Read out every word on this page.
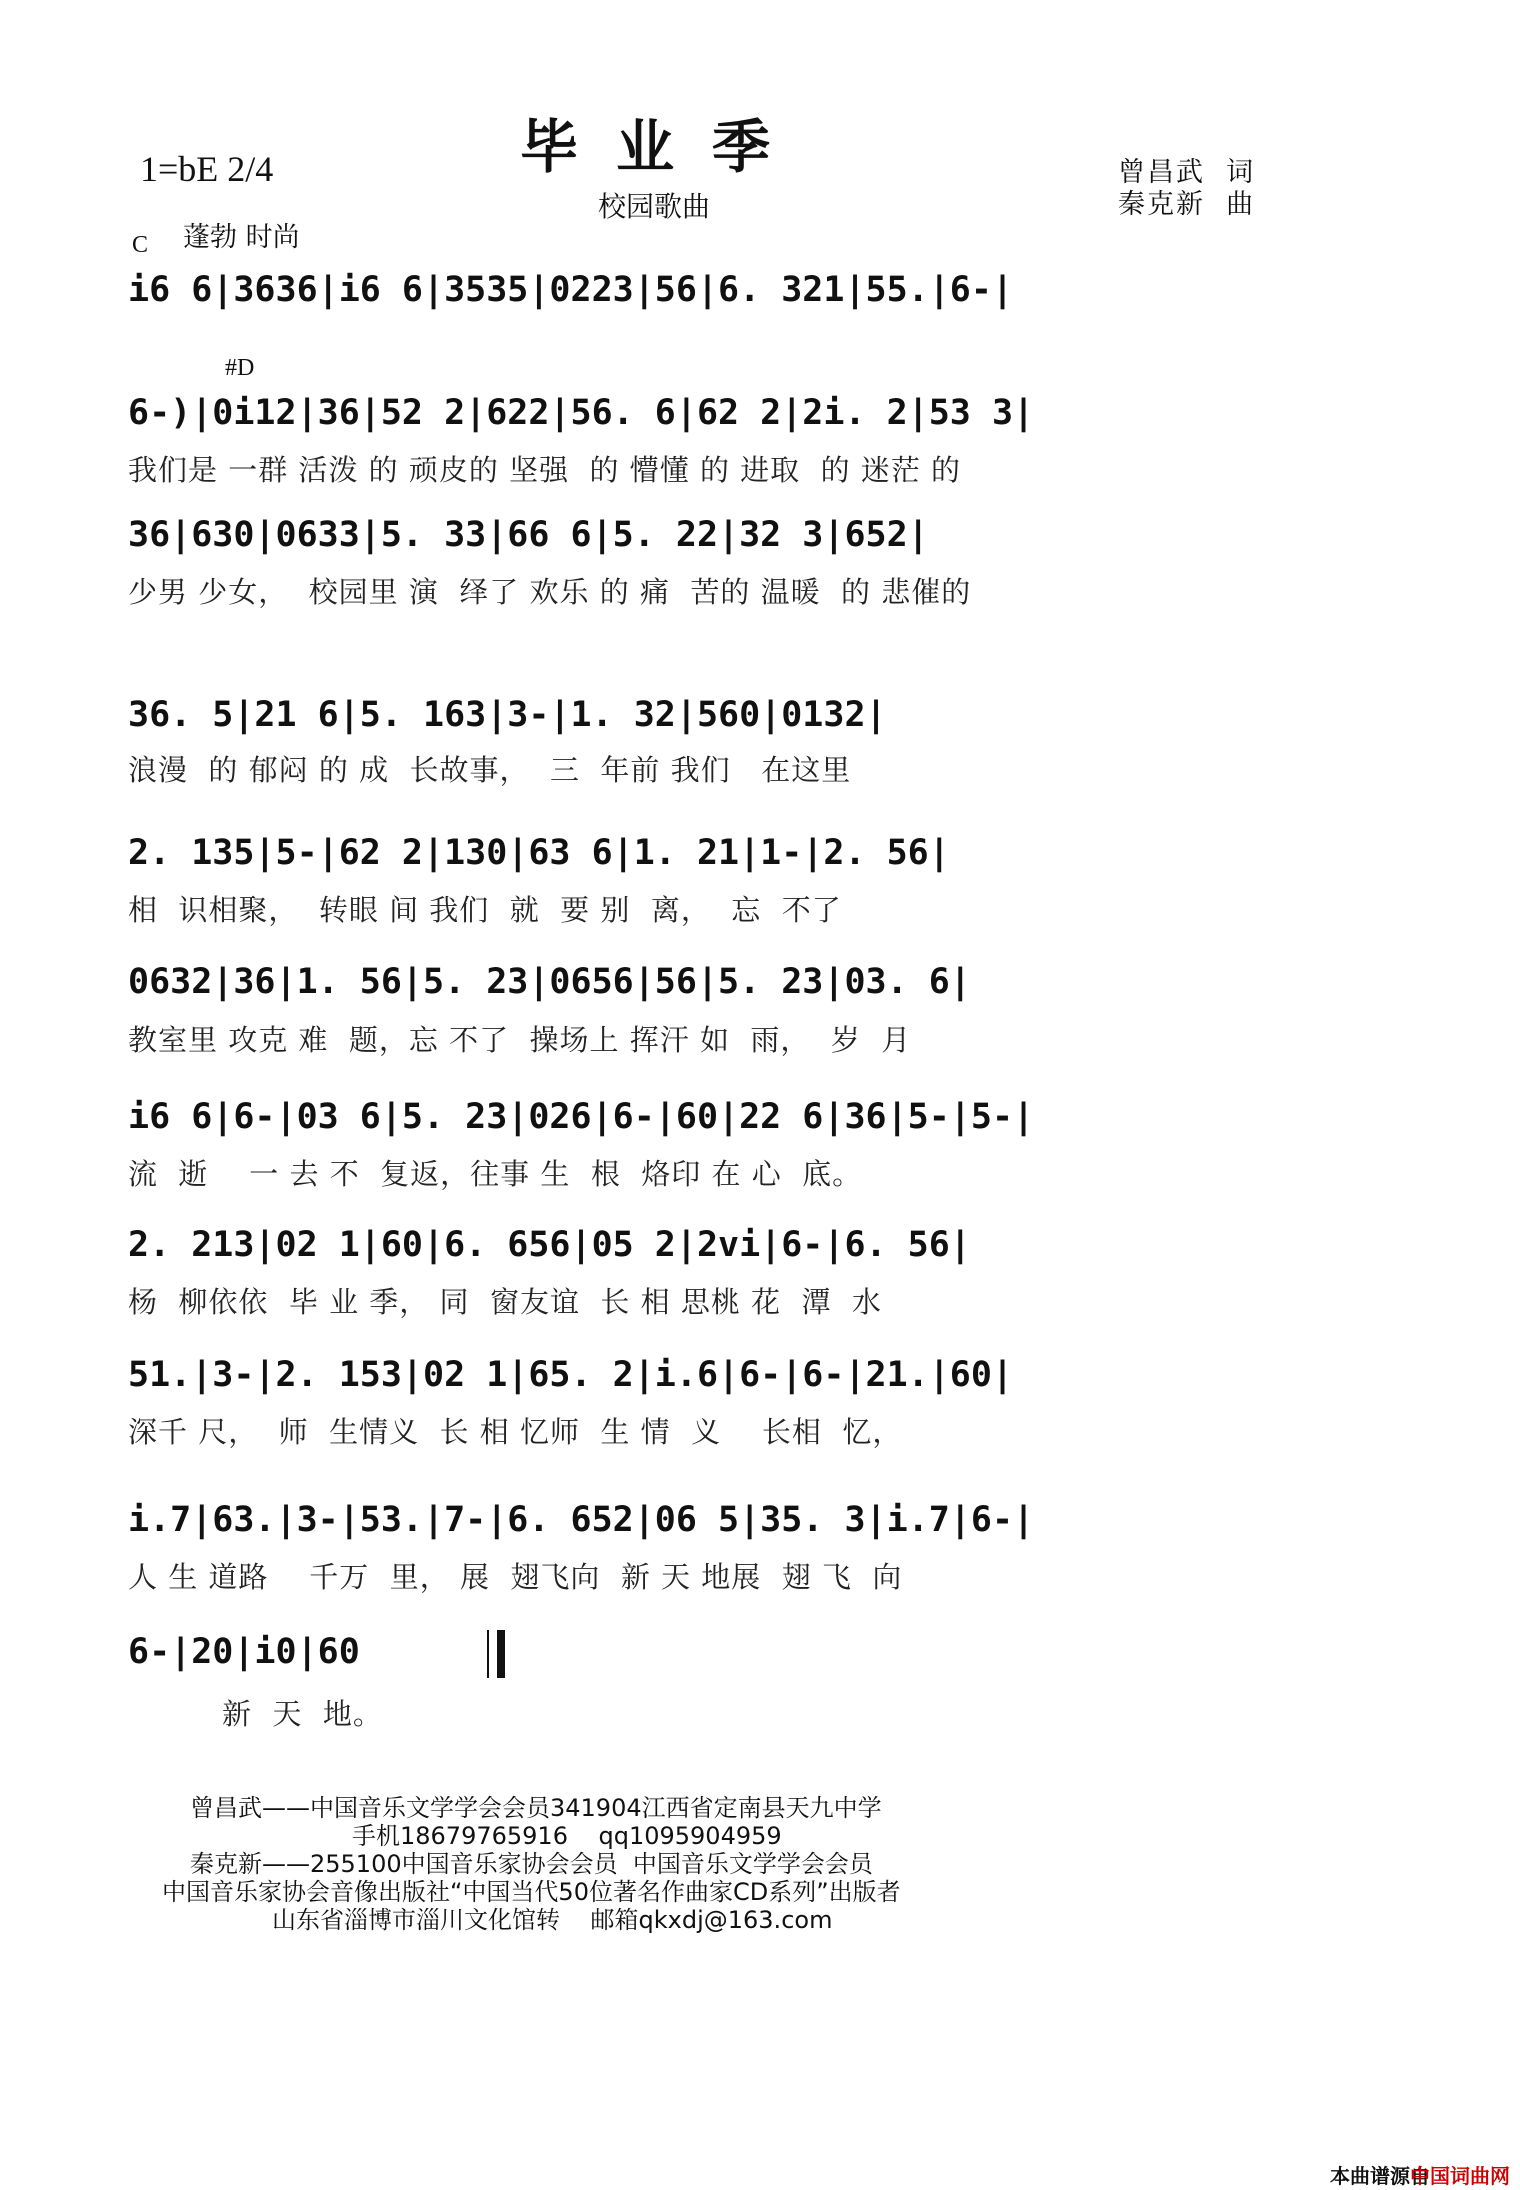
1=bE 2/4	毕业季
校园歌曲
曾昌武  词
秦克新  曲
蓬勃 时尚
C
#D
i6 6|3636|i6 6|3535|0223|56|6. 321|55.|6-|
6-)|0i12|36|52 2|622|56. 6|62 2|2i. 2|53 3|
我们是 一群 活泼 的 顽皮的 坚强  的 懵懂 的 进取  的 迷茫 的
36|630|0633|5. 33|66 6|5. 22|32 3|652|
少男 少女，  校园里 演  绎了 欢乐 的 痛  苦的 温暖  的 悲催的
36. 5|21 6|5. 163|3-|1. 32|560|0132|
浪漫  的 郁闷 的 成  长故事，  三  年前 我们   在这里
2. 135|5-|62 2|130|63 6|1. 21|1-|2. 56|
相  识相聚，  转眼 间 我们  就  要 别  离，  忘  不了
0632|36|1. 56|5. 23|0656|56|5. 23|03. 6|
教室里 攻克 难  题，忘 不了  操场上 挥汗 如  雨，  岁  月
i6 6|6-|03 6|5. 23|026|6-|60|22 6|36|5-|5-|
流  逝    一 去 不  复返，往事 生  根  烙印 在 心  底。
2. 213|02 1|60|6. 656|05 2|2vi|6-|6. 56|
杨  柳依依  毕 业 季， 同  窗友谊  长 相 思桃 花  潭  水
51.|3-|2. 153|02 1|65. 2|i.6|6-|6-|21.|60|
深千 尺，  师  生情义  长 相 忆师  生 情  义    长相  忆，
i.7|63.|3-|53.|7-|6. 652|06 5|35. 3|i.7|6-|
人 生 道路    千万  里， 展  翅飞向  新 天 地展  翅 飞  向
6-|20|i0|60
新  天  地。
曾昌武——中国音乐文学学会会员341904江西省定南县天九中学
手机18679765916    qq1095904959
秦克新——255100中国音乐家协会会员  中国音乐文学学会会员
中国音乐家协会音像出版社“中国当代50位著名作曲家CD系列”出版者
山东省淄博市淄川文化馆转    邮箱qkxdj@163.com
本曲谱源自
中国词曲网
